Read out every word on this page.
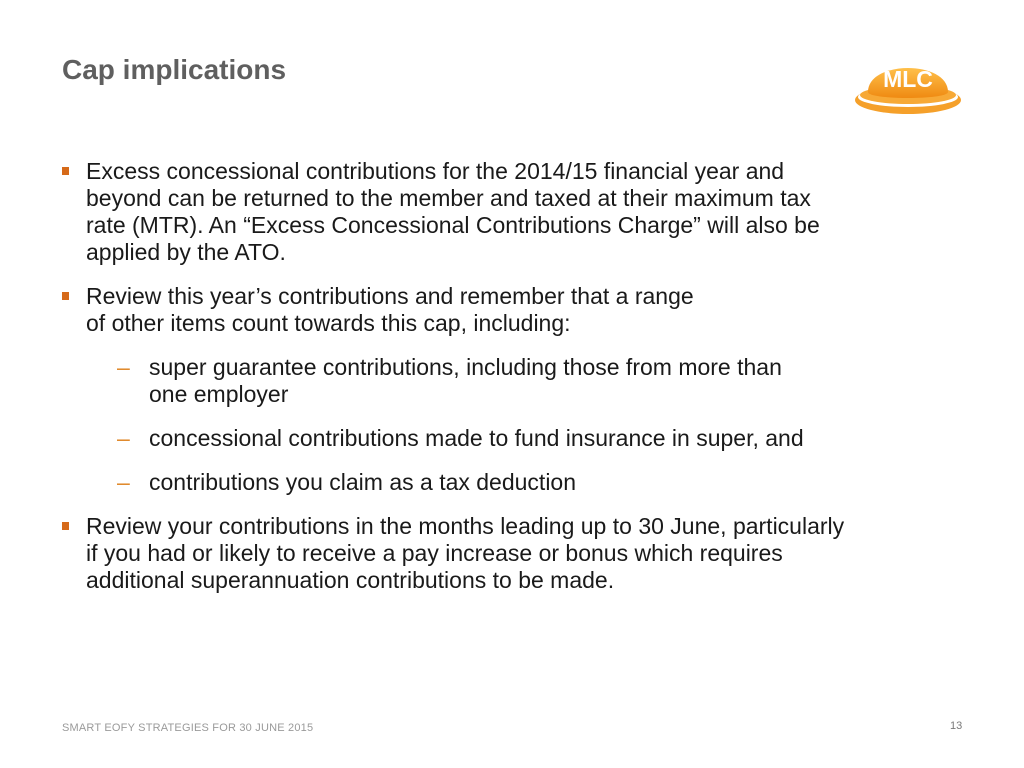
Cap implications	MLC
Excess concessional contributions for the 2014/15 financial year and
beyond can be returned to the member and taxed at their maximum tax
rate (MTR). An “Excess Concessional Contributions Charge” will also be
applied by the ATO.
Review this year’s contributions and remember that a range
of other items count towards this cap, including:
– super guarantee contributions, including those from more than
one employer
– concessional contributions made to fund insurance in super, and
– contributions you claim as a tax deduction
Review your contributions in the months leading up to 30 June, particularly
if you had or likely to receive a pay increase or bonus which requires
additional superannuation contributions to be made.
SMART EOFY STRATEGIES FOR 30 JUNE 2015	13
